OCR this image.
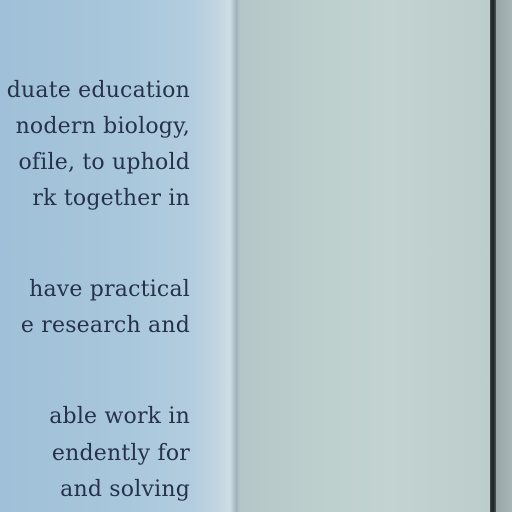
duate education

nodern biology,

ofile, to uphold

rk together in

have practical

e research and

able work in

endently for

and solving
